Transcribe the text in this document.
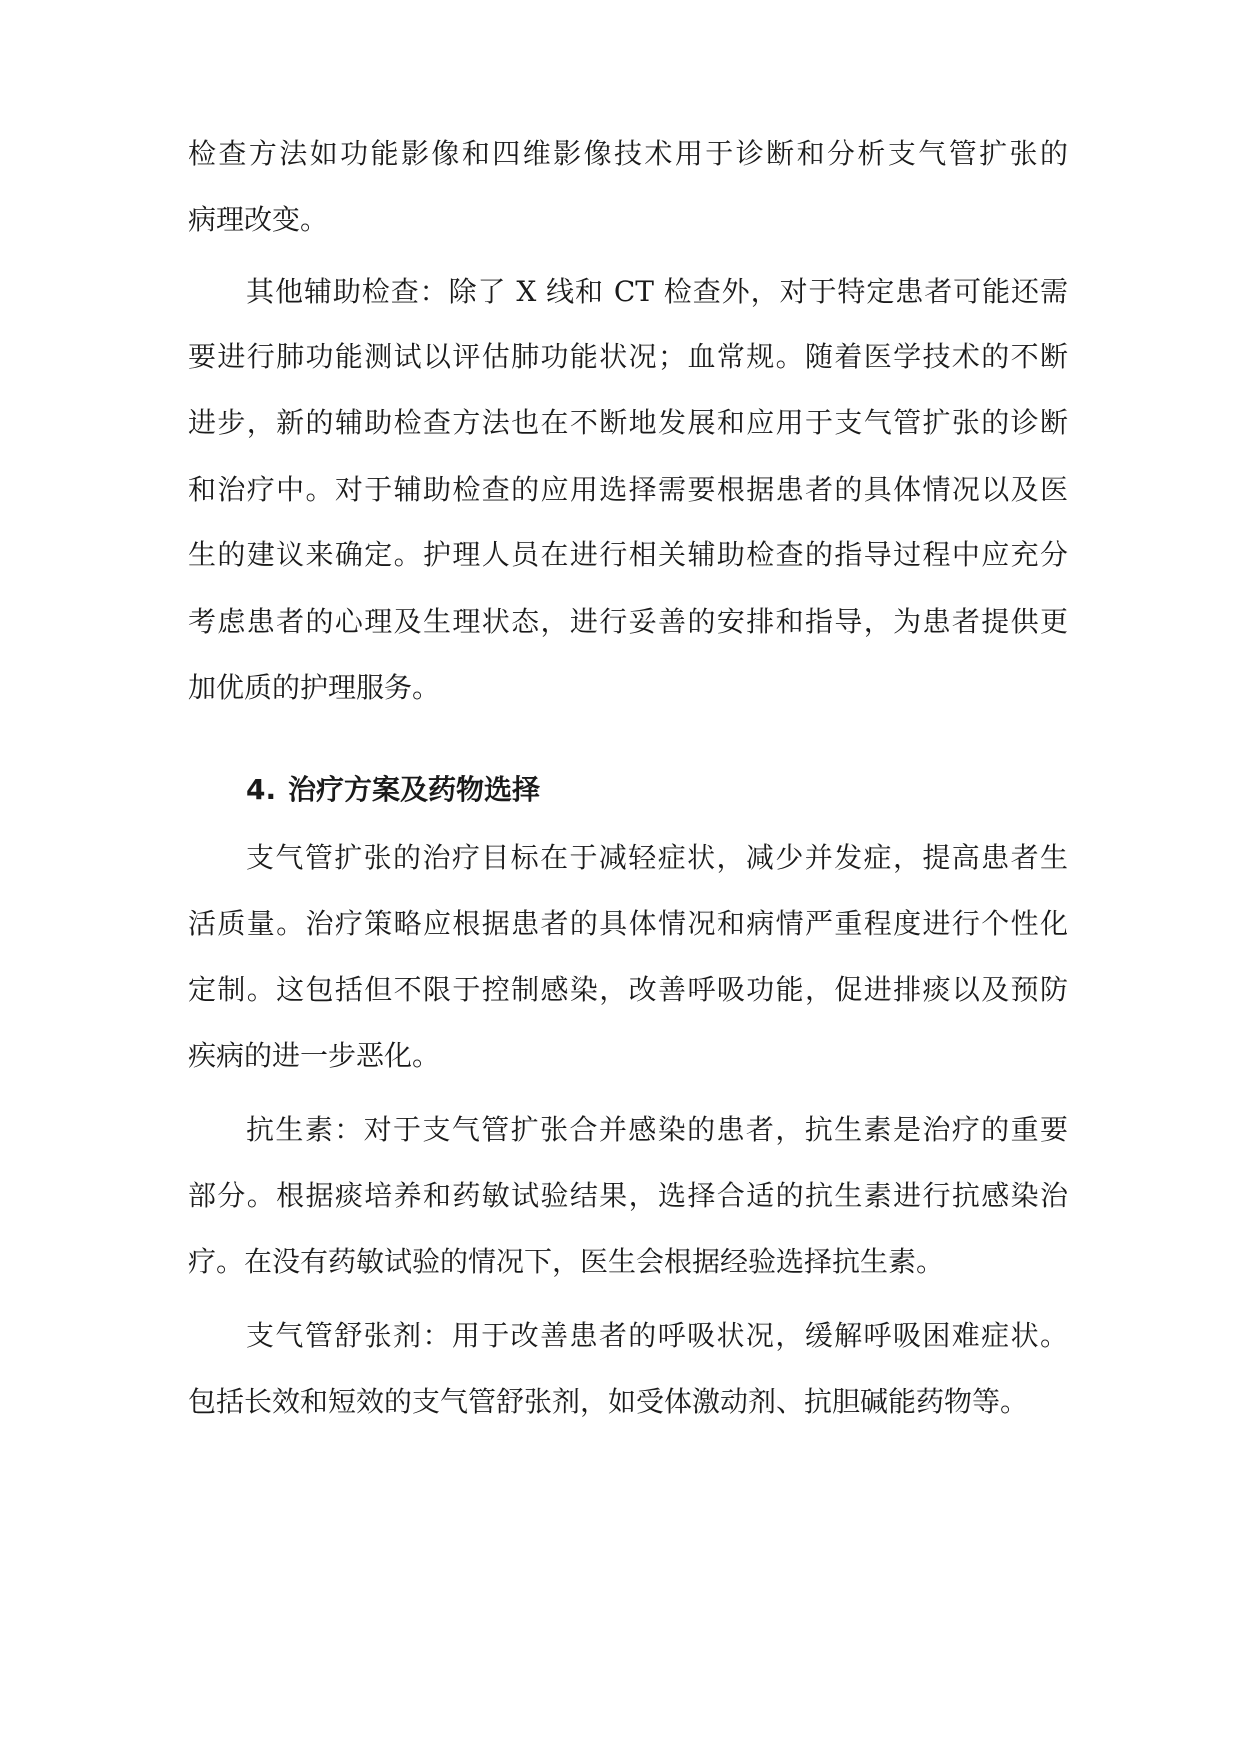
检查方法如功能影像和四维影像技术用于诊断和分析支气管扩张的
病理改变。
其他辅助检查：除了 X 线和 CT 检查外，对于特定患者可能还需
要进行肺功能测试以评估肺功能状况；血常规。随着医学技术的不断
进步，新的辅助检查方法也在不断地发展和应用于支气管扩张的诊断
和治疗中。对于辅助检查的应用选择需要根据患者的具体情况以及医
生的建议来确定。护理人员在进行相关辅助检查的指导过程中应充分
考虑患者的心理及生理状态，进行妥善的安排和指导，为患者提供更
加优质的护理服务。
4. 治疗方案及药物选择
支气管扩张的治疗目标在于减轻症状，减少并发症，提高患者生
活质量。治疗策略应根据患者的具体情况和病情严重程度进行个性化
定制。这包括但不限于控制感染，改善呼吸功能，促进排痰以及预防
疾病的进一步恶化。
抗生素：对于支气管扩张合并感染的患者，抗生素是治疗的重要
部分。根据痰培养和药敏试验结果，选择合适的抗生素进行抗感染治
疗。在没有药敏试验的情况下，医生会根据经验选择抗生素。
支气管舒张剂：用于改善患者的呼吸状况，缓解呼吸困难症状。
包括长效和短效的支气管舒张剂，如受体激动剂、抗胆碱能药物等。
